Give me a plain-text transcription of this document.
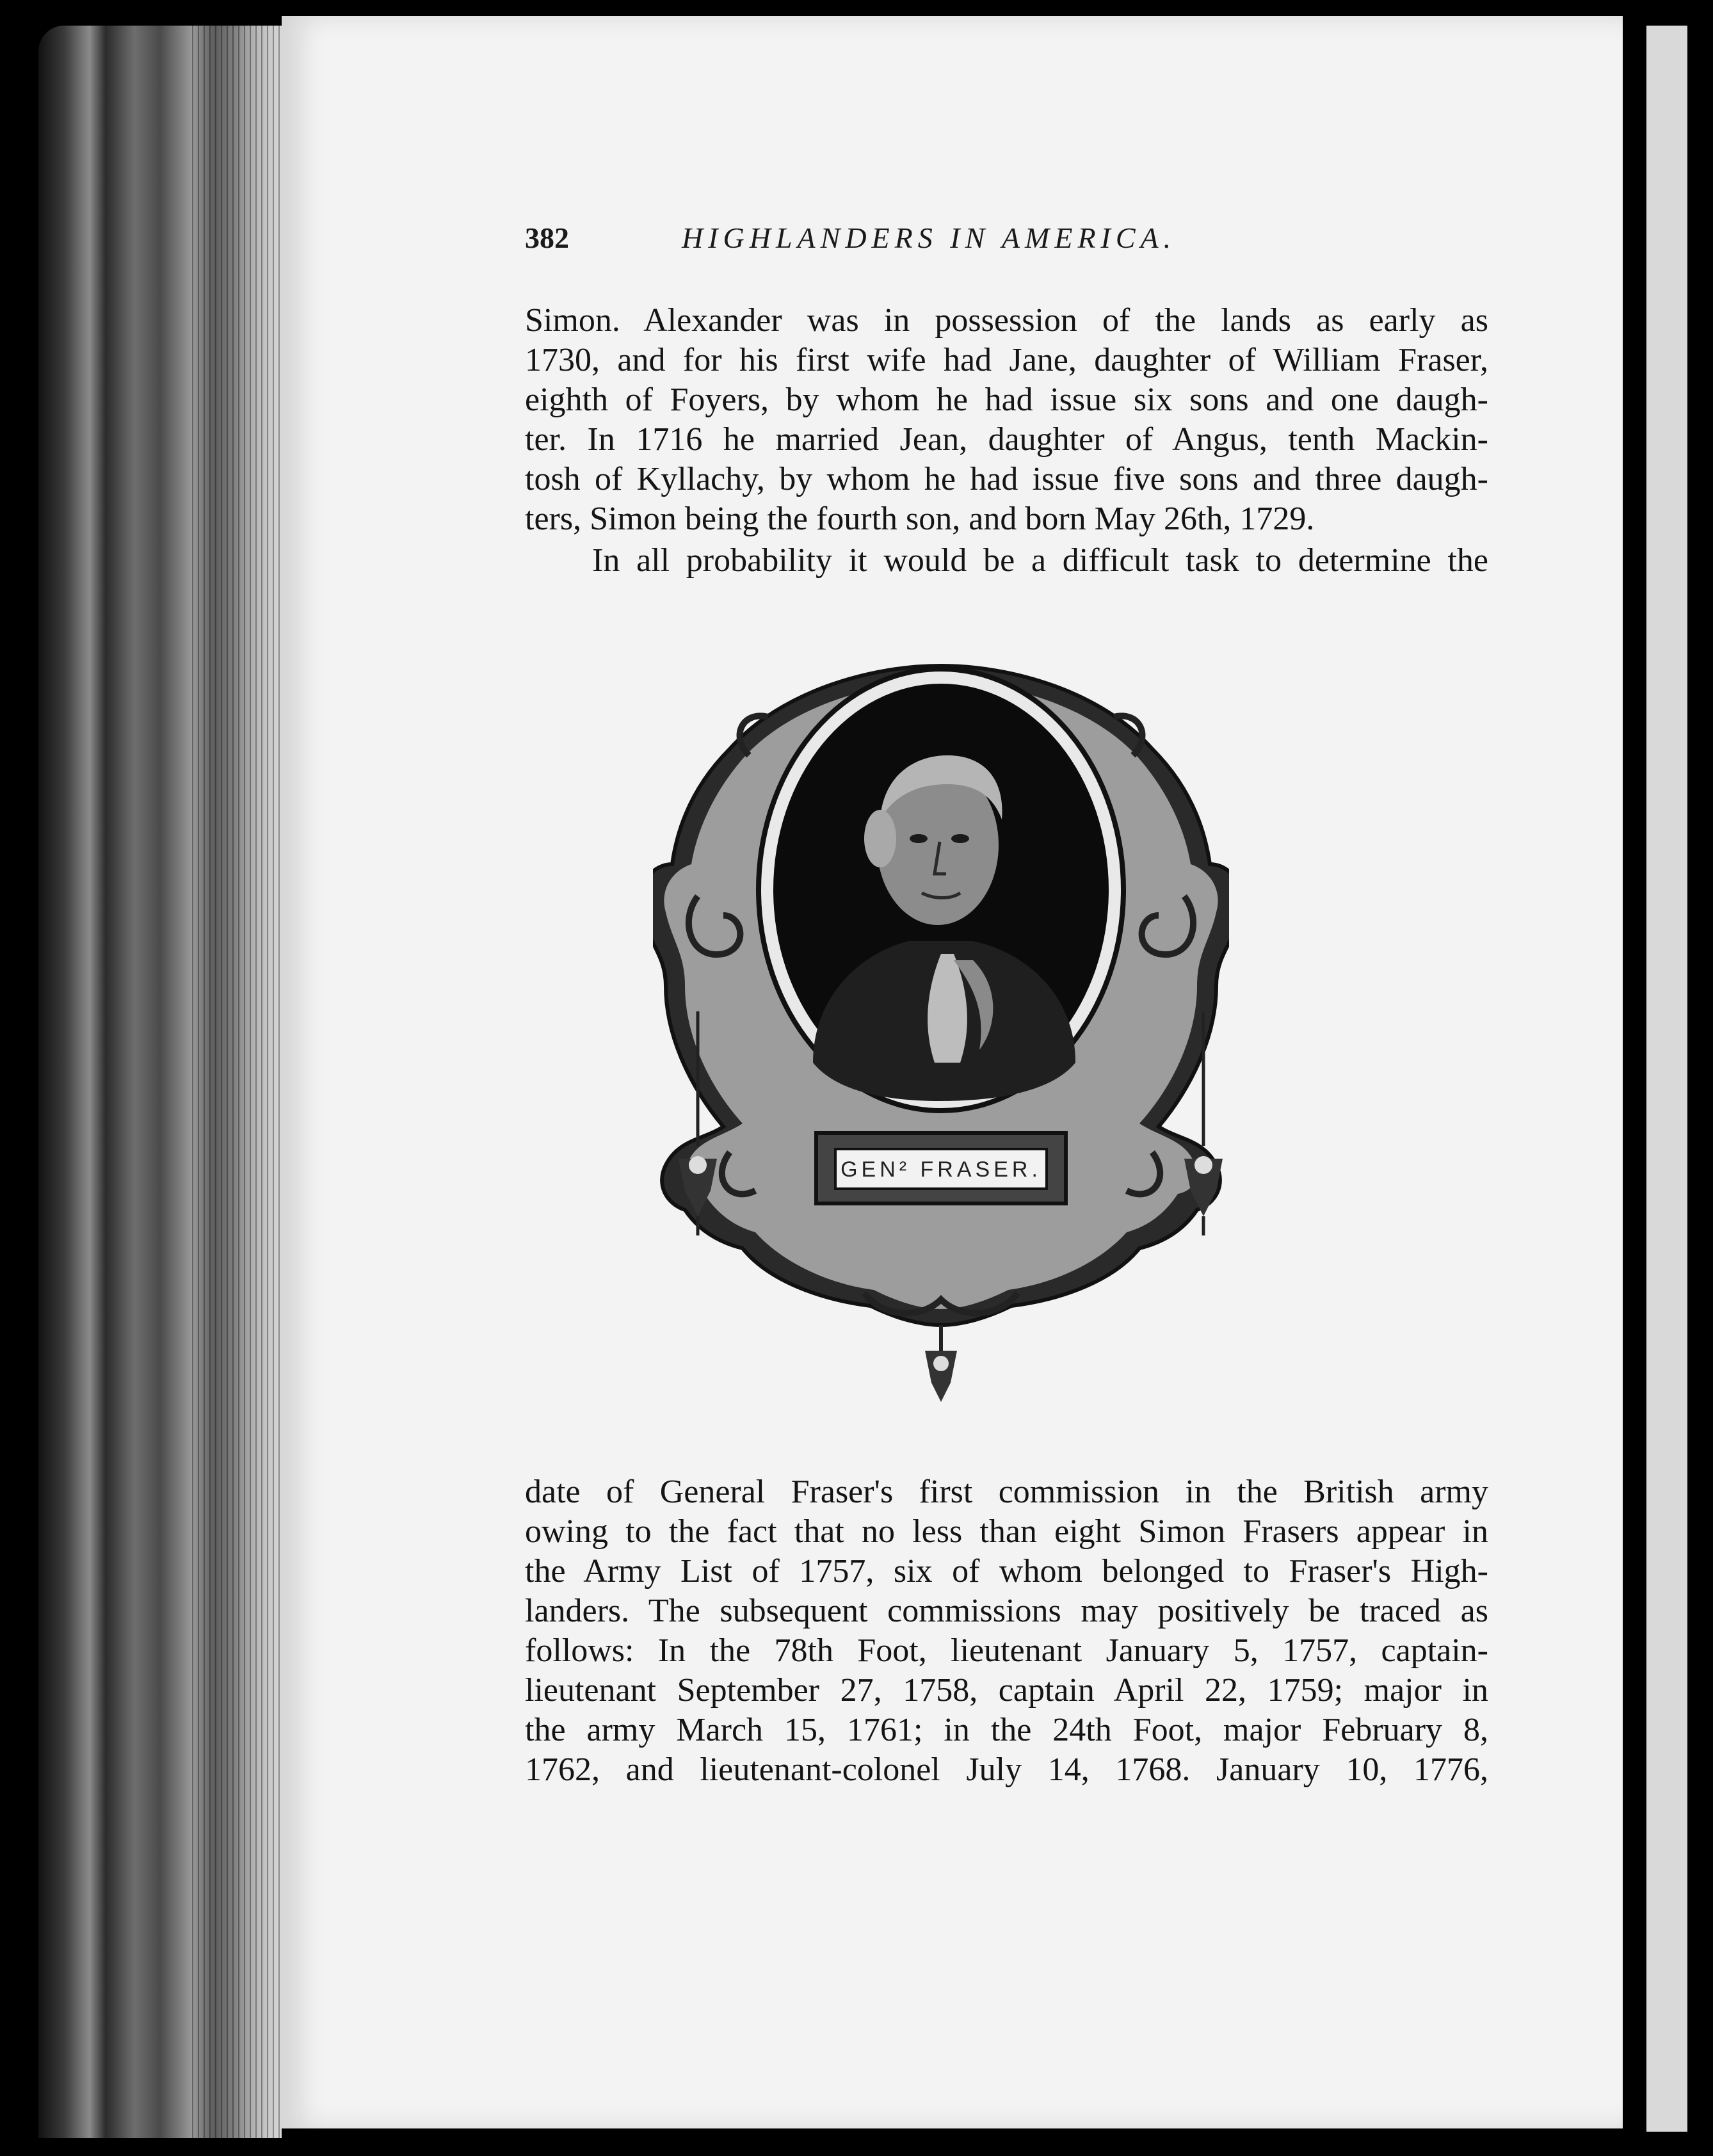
382	HIGHLANDERS IN AMERICA.
Simon. Alexander was in possession of the lands as early as
1730, and for his first wife had Jane, daughter of William Fraser,
eighth of Foyers, by whom he had issue six sons and one daugh-
ter. In 1716 he married Jean, daughter of Angus, tenth Mackin-
tosh of Kyllachy, by whom he had issue five sons and three daugh-
ters, Simon being the fourth son, and born May 26th, 1729.
In all probability it would be a difficult task to determine the
GEN² FRASER.
date of General Fraser's first commission in the British army
owing to the fact that no less than eight Simon Frasers appear in
the Army List of 1757, six of whom belonged to Fraser's High-
landers. The subsequent commissions may positively be traced as
follows: In the 78th Foot, lieutenant January 5, 1757, captain-
lieutenant September 27, 1758, captain April 22, 1759; major in
the army March 15, 1761; in the 24th Foot, major February 8,
1762, and lieutenant-colonel July 14, 1768. January 10, 1776,
